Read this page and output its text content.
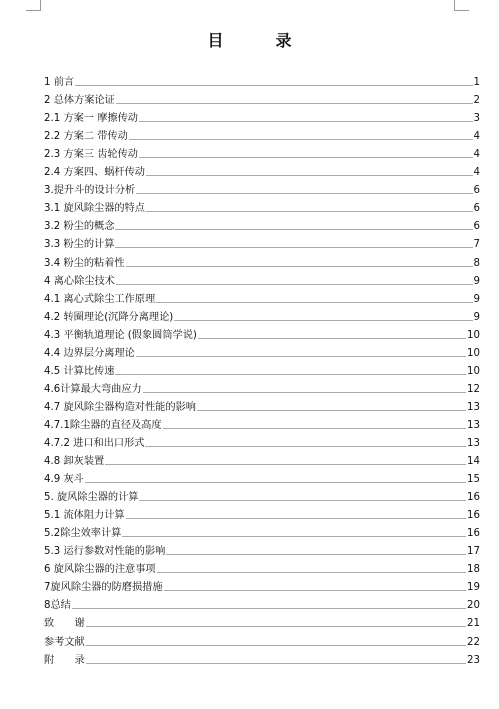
目　录
1 前言	1
2 总体方案论证	2
2.1 方案一 摩擦传动	3
2.2 方案二 带传动	4
2.3 方案三 齿轮传动	4
2.4 方案四、蜗杆传动	4
3.提升斗的设计分析	6
3.1 旋风除尘器的特点	6
3.2 粉尘的概念	6
3.3 粉尘的计算	7
3.4 粉尘的粘着性	8
4 离心除尘技术	9
4.1 离心式除尘工作原理	9
4.2 转圈理论(沉降分离理论)	9
4.3 平衡轨道理论 (假象圆筒学说)	10
4.4 边界层分离理论	10
4.5 计算比传速	10
4.6计算最大弯曲应力	12
4.7 旋风除尘器构造对性能的影响	13
4.7.1除尘器的直径及高度	13
4.7.2 进口和出口形式	13
4.8 卸灰装置	14
4.9 灰斗	15
5. 旋风除尘器的计算	16
5.1 流体阻力计算	16
5.2除尘效率计算	16
5.3 运行参数对性能的影响	17
6 旋风除尘器的注意事项	18
7旋风除尘器的防磨损措施	19
8总结	20
致　　谢	21
参考文献	22
附　　录	23
